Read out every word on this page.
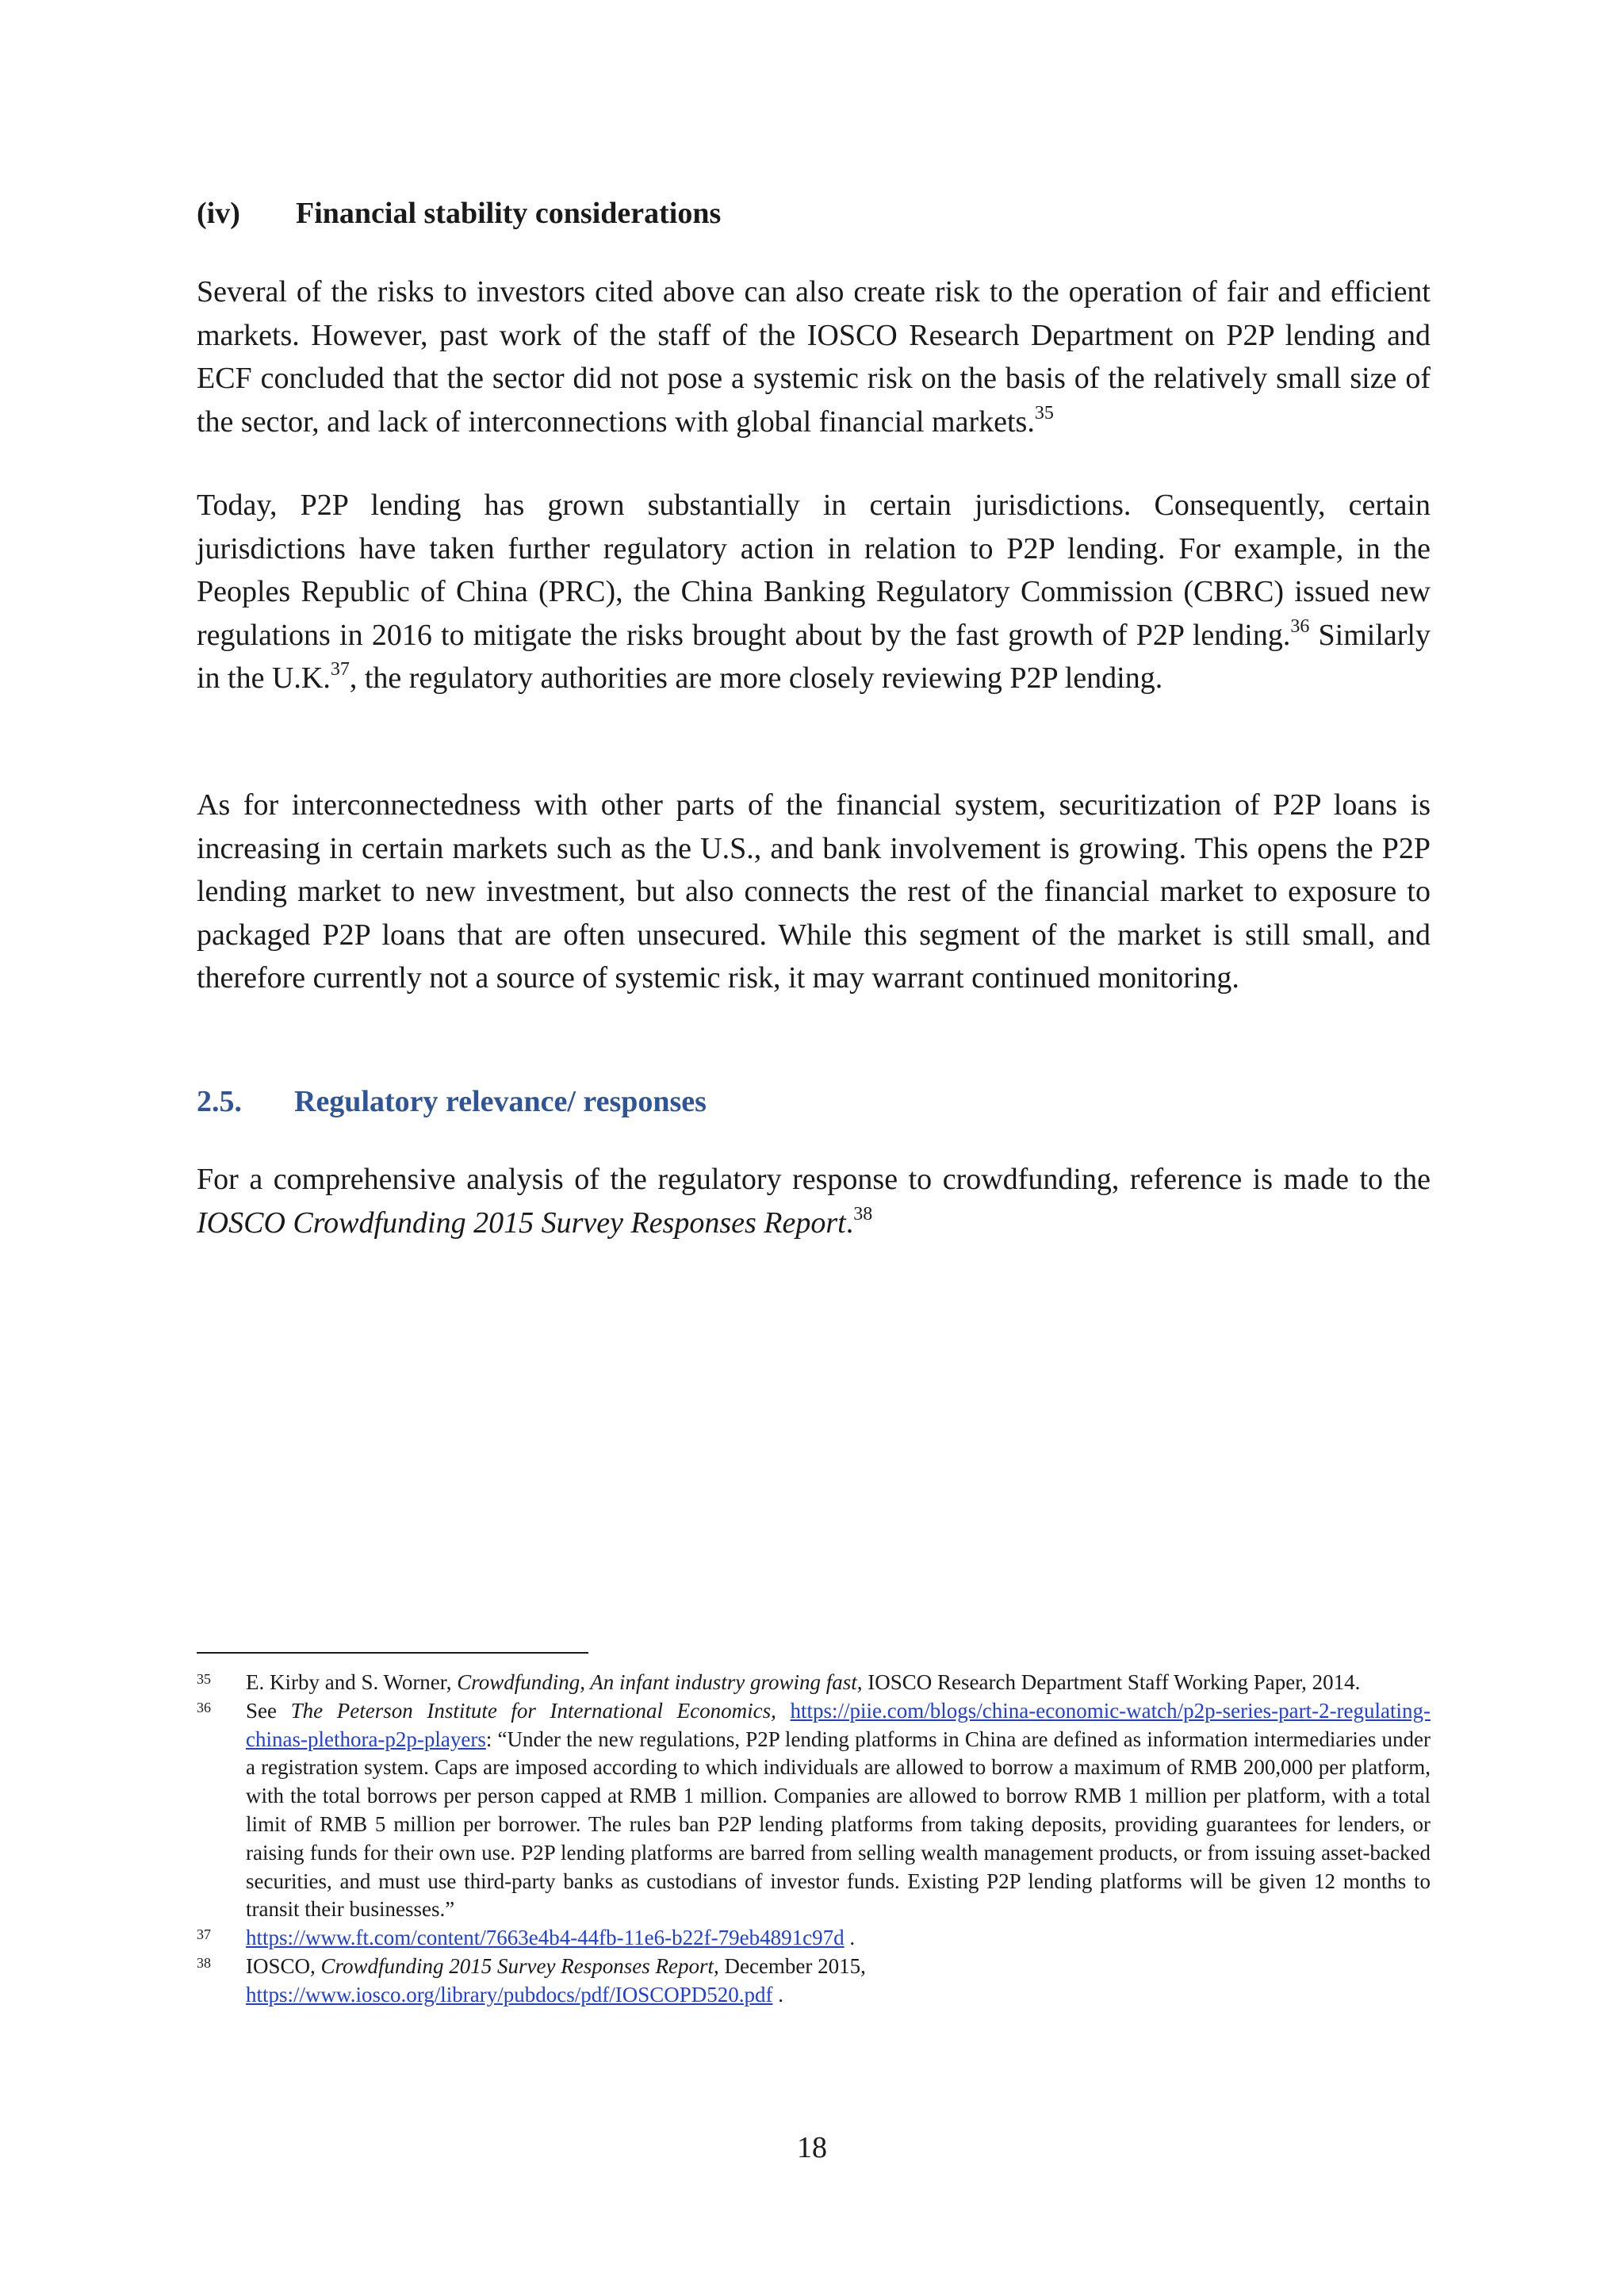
(iv) Financial stability considerations

Several of the risks to investors cited above can also create risk to the operation of fair and efficient markets. However, past work of the staff of the IOSCO Research Department on P2P lending and ECF concluded that the sector did not pose a systemic risk on the basis of the relatively small size of the sector, and lack of interconnections with global financial markets.$^{35}$

Today, P2P lending has grown substantially in certain jurisdictions. Consequently, certain jurisdictions have taken further regulatory action in relation to P2P lending. For example, in the Peoples Republic of China (PRC), the China Banking Regulatory Commission (CBRC) issued new regulations in 2016 to mitigate the risks brought about by the fast growth of P2P lending.$^{36}$ Similarly in the U.K.$^{37}$, the regulatory authorities are more closely reviewing P2P lending.

As for interconnectedness with other parts of the financial system, securitization of P2P loans is increasing in certain markets such as the U.S., and bank involvement is growing. This opens the P2P lending market to new investment, but also connects the rest of the financial market to exposure to packaged P2P loans that are often unsecured. While this segment of the market is still small, and therefore currently not a source of systemic risk, it may warrant continued monitoring.

2.5. Regulatory relevance/ responses

For a comprehensive analysis of the regulatory response to crowdfunding, reference is made to the IOSCO Crowdfunding 2015 Survey Responses Report.$^{38}$

35 E. Kirby and S. Worner, Crowdfunding, An infant industry growing fast, IOSCO Research Department Staff Working Paper, 2014.
36 See The Peterson Institute for International Economics, https://piie.com/blogs/china-economic-watch/p2p-series-part-2-regulating-chinas-plethora-p2p-players: “Under the new regulations, P2P lending platforms in China are defined as information intermediaries under a registration system. Caps are imposed according to which individuals are allowed to borrow a maximum of RMB 200,000 per platform, with the total borrows per person capped at RMB 1 million. Companies are allowed to borrow RMB 1 million per platform, with a total limit of RMB 5 million per borrower. The rules ban P2P lending platforms from taking deposits, providing guarantees for lenders, or raising funds for their own use. P2P lending platforms are barred from selling wealth management products, or from issuing asset-backed securities, and must use third-party banks as custodians of investor funds. Existing P2P lending platforms will be given 12 months to transit their businesses.”
37 https://www.ft.com/content/7663e4b4-44fb-11e6-b22f-79eb4891c97d .
38 IOSCO, Crowdfunding 2015 Survey Responses Report, December 2015,
https://www.iosco.org/library/pubdocs/pdf/IOSCOPD520.pdf .
18
